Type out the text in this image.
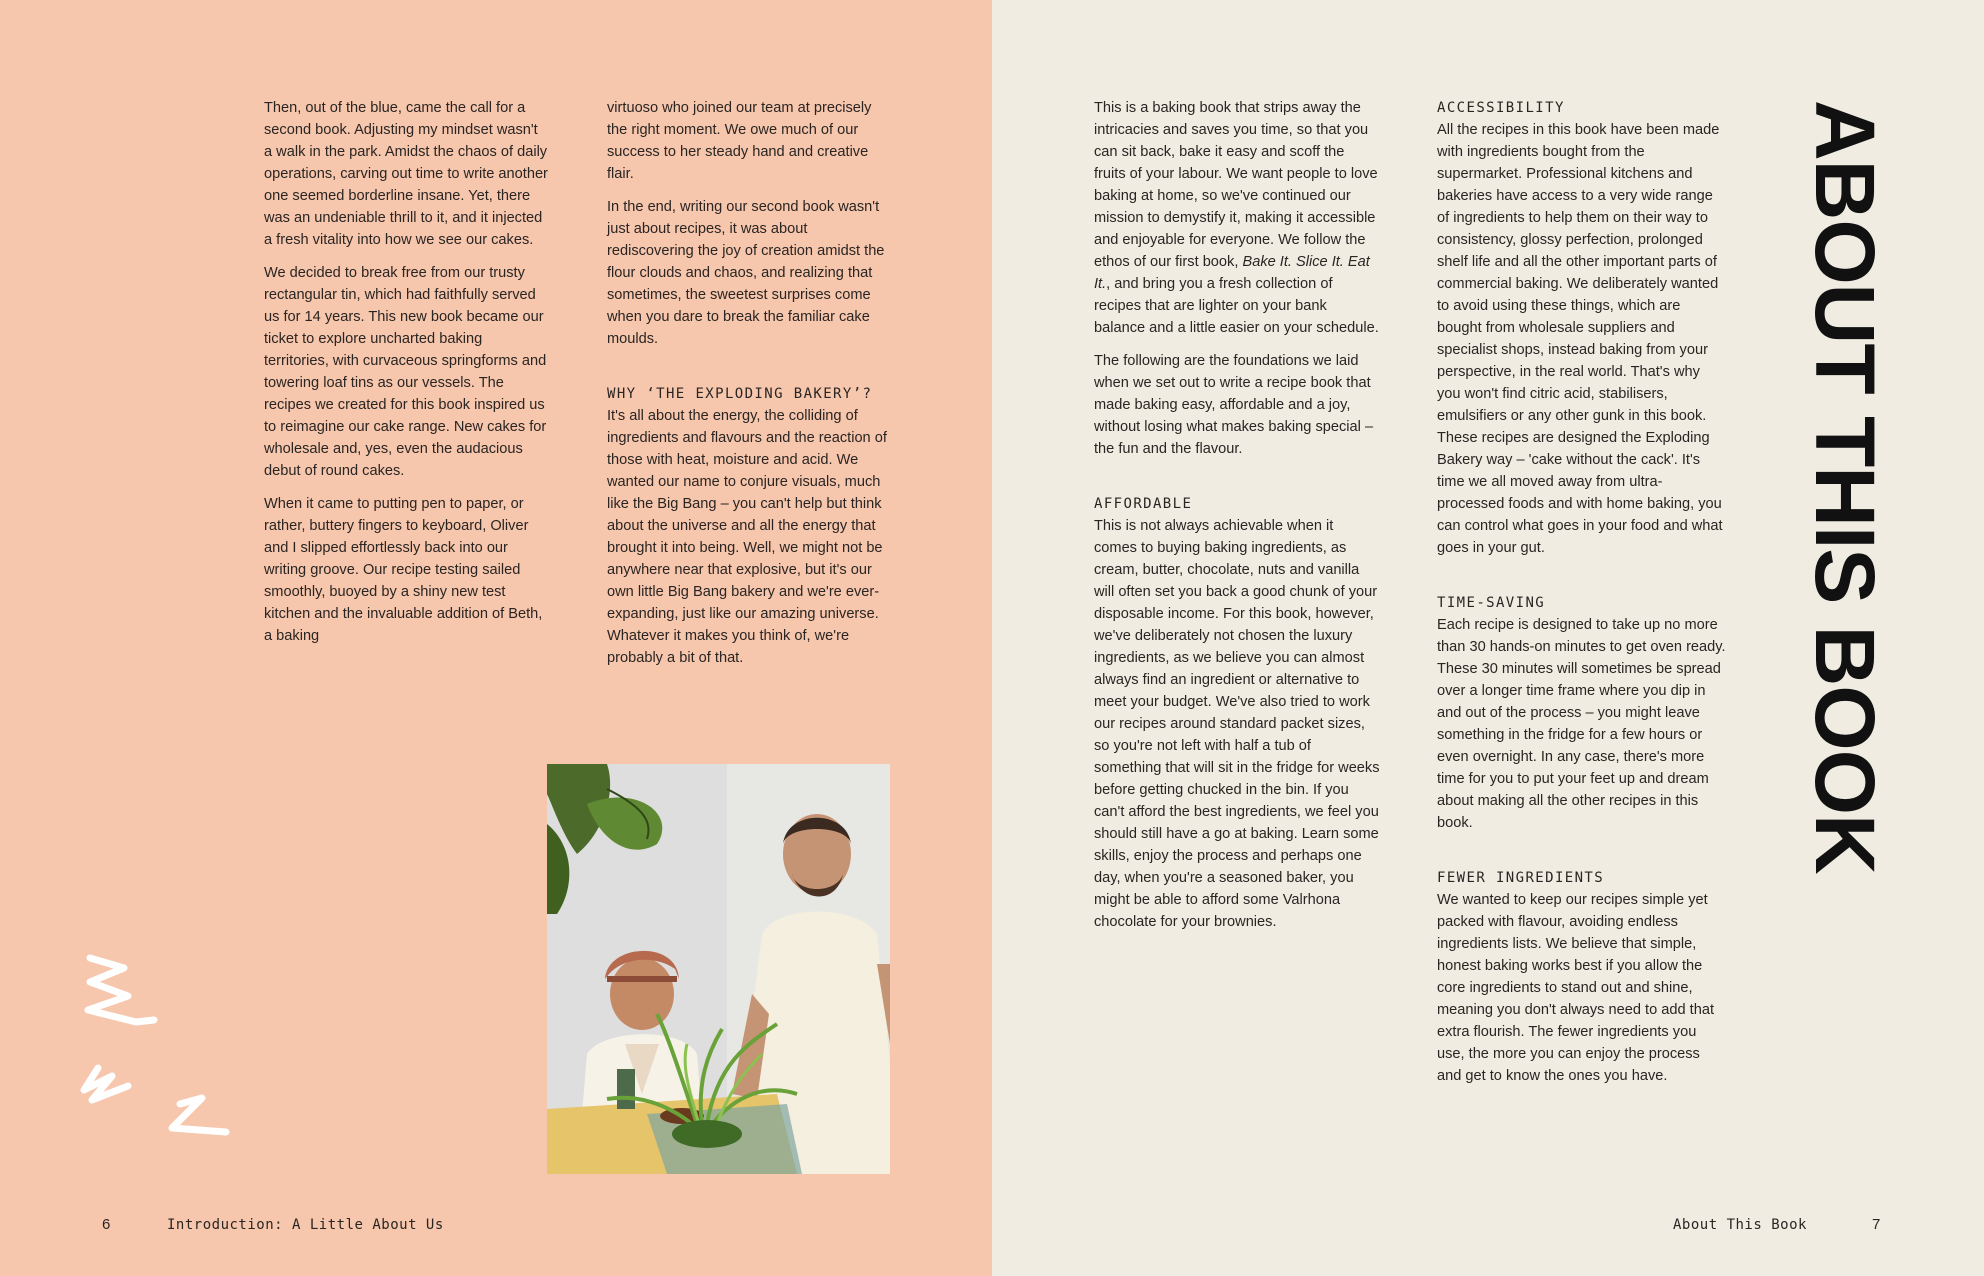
Then, out of the blue, came the call for a second book. Adjusting my mindset wasn't a walk in the park. Amidst the chaos of daily operations, carving out time to write another one seemed borderline insane. Yet, there was an undeniable thrill to it, and it injected a fresh vitality into how we see our cakes.

We decided to break free from our trusty rectangular tin, which had faithfully served us for 14 years. This new book became our ticket to explore uncharted baking territories, with curvaceous springforms and towering loaf tins as our vessels. The recipes we created for this book inspired us to reimagine our cake range. New cakes for wholesale and, yes, even the audacious debut of round cakes.

When it came to putting pen to paper, or rather, buttery fingers to keyboard, Oliver and I slipped effortlessly back into our writing groove. Our recipe testing sailed smoothly, buoyed by a shiny new test kitchen and the invaluable addition of Beth, a baking

virtuoso who joined our team at precisely the right moment. We owe much of our success to her steady hand and creative flair.

In the end, writing our second book wasn't just about recipes, it was about rediscovering the joy of creation amidst the flour clouds and chaos, and realizing that sometimes, the sweetest surprises come when you dare to break the familiar cake moulds.

WHY ‘THE EXPLODING BAKERY’?

It's all about the energy, the colliding of ingredients and flavours and the reaction of those with heat, moisture and acid. We wanted our name to conjure visuals, much like the Big Bang – you can't help but think about the universe and all the energy that brought it into being. Well, we might not be anywhere near that explosive, but it's our own little Big Bang bakery and we're ever-expanding, just like our amazing universe. Whatever it makes you think of, we're probably a bit of that.

This is a baking book that strips away the intricacies and saves you time, so that you can sit back, bake it easy and scoff the fruits of your labour. We want people to love baking at home, so we've continued our mission to demystify it, making it accessible and enjoyable for everyone. We follow the ethos of our first book, Bake It. Slice It. Eat It., and bring you a fresh collection of recipes that are lighter on your bank balance and a little easier on your schedule.

The following are the foundations we laid when we set out to write a recipe book that made baking easy, affordable and a joy, without losing what makes baking special – the fun and the flavour.

AFFORDABLE

This is not always achievable when it comes to buying baking ingredients, as cream, butter, chocolate, nuts and vanilla will often set you back a good chunk of your disposable income. For this book, however, we've deliberately not chosen the luxury ingredients, as we believe you can almost always find an ingredient or alternative to meet your budget. We've also tried to work our recipes around standard packet sizes, so you're not left with half a tub of something that will sit in the fridge for weeks before getting chucked in the bin. If you can't afford the best ingredients, we feel you should still have a go at baking. Learn some skills, enjoy the process and perhaps one day, when you're a seasoned baker, you might be able to afford some Valrhona chocolate for your brownies.

ACCESSIBILITY

All the recipes in this book have been made with ingredients bought from the supermarket. Professional kitchens and bakeries have access to a very wide range of ingredients to help them on their way to consistency, glossy perfection, prolonged shelf life and all the other important parts of commercial baking. We deliberately wanted to avoid using these things, which are bought from wholesale suppliers and specialist shops, instead baking from your perspective, in the real world. That's why you won't find citric acid, stabilisers, emulsifiers or any other gunk in this book. These recipes are designed the Exploding Bakery way – 'cake without the cack'. It's time we all moved away from ultra-processed foods and with home baking, you can control what goes in your food and what goes in your gut.

TIME-SAVING

Each recipe is designed to take up no more than 30 hands-on minutes to get oven ready. These 30 minutes will sometimes be spread over a longer time frame where you dip in and out of the process – you might leave something in the fridge for a few hours or even overnight. In any case, there's more time for you to put your feet up and dream about making all the other recipes in this book.

FEWER INGREDIENTS

We wanted to keep our recipes simple yet packed with flavour, avoiding endless ingredients lists. We believe that simple, honest baking works best if you allow the core ingredients to stand out and shine, meaning you don't always need to add that extra flourish. The fewer ingredients you use, the more you can enjoy the process and get to know the ones you have.

ABOUT THIS BOOK
6	Introduction: A Little About Us	About This Book	7
